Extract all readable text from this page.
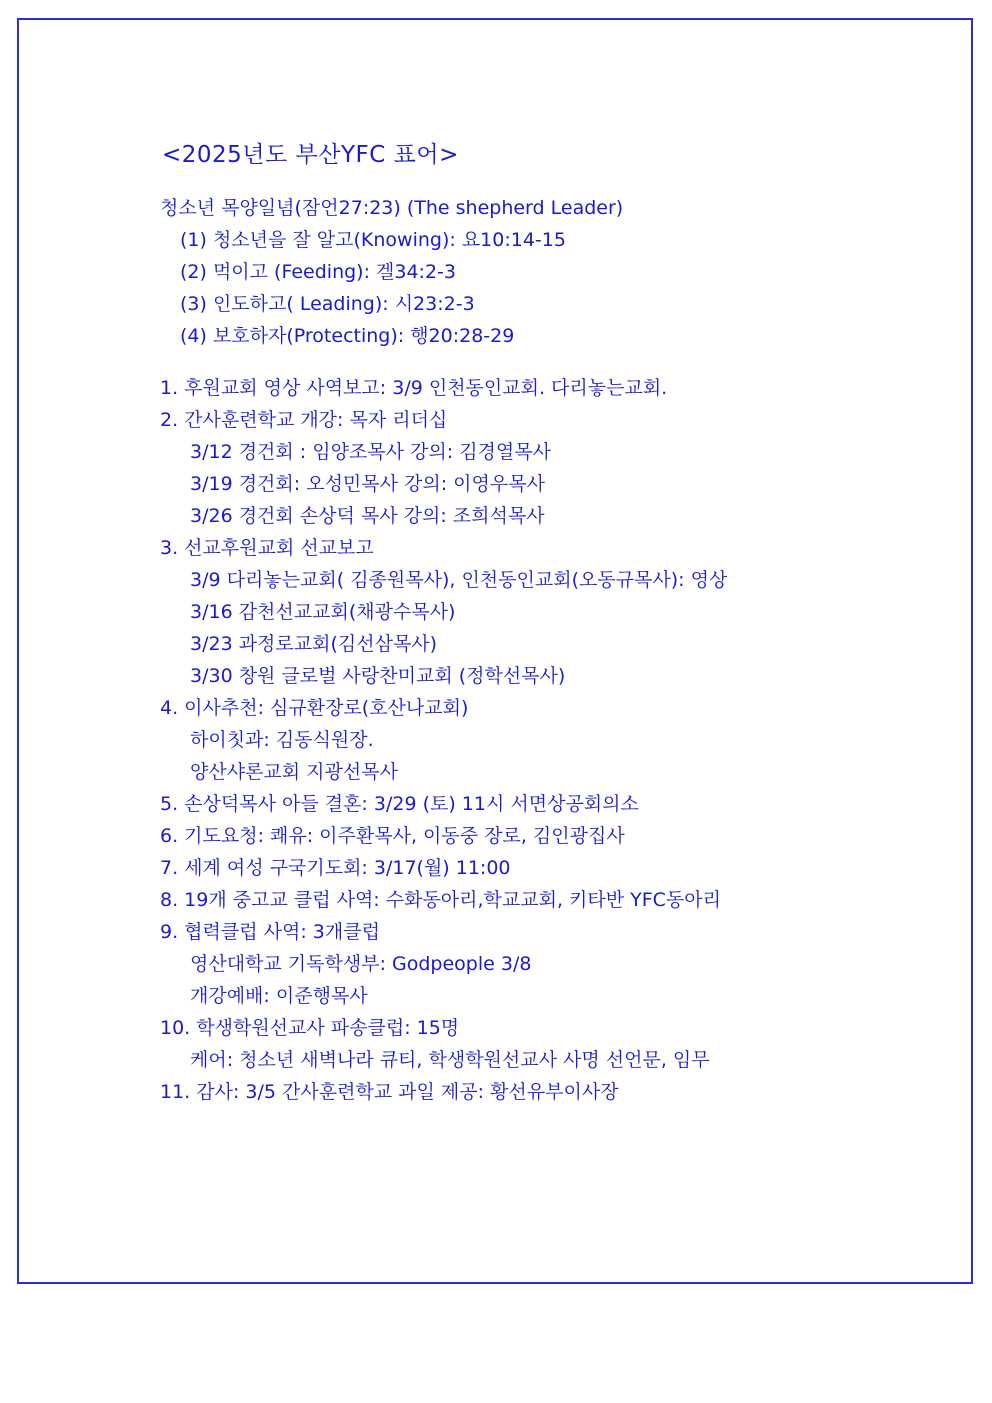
<2025년도 부산YFC 표어>
청소년 목양일념(잠언27:23) (The shepherd Leader)
(1) 청소년을 잘 알고(Knowing): 요10:14-15
(2) 먹이고 (Feeding): 겔34:2-3
(3) 인도하고( Leading): 시23:2-3
(4) 보호하자(Protecting): 행20:28-29
1. 후원교회 영상 사역보고: 3/9 인천동인교회. 다리놓는교회.
2. 간사훈련학교 개강: 목자 리더십
3/12 경건회 : 임양조목사 강의: 김경열목사
3/19 경건회: 오성민목사 강의: 이영우목사
3/26 경건회 손상덕 목사 강의: 조희석목사
3. 선교후원교회 선교보고
3/9 다리놓는교회( 김종원목사), 인천동인교회(오동규목사): 영상
3/16 감천선교교회(채광수목사)
3/23 과정로교회(김선삼목사)
3/30 창원 글로벌 사랑찬미교회 (정학선목사)
4. 이사추천: 심규환장로(호산나교회)
하이칫과: 김동식원장.
양산샤론교회 지광선목사
5. 손상덕목사 아들 결혼: 3/29 (토) 11시 서면상공회의소
6. 기도요청: 쾌유: 이주환목사, 이동중 장로, 김인광집사
7. 세계 여성 구국기도회: 3/17(월) 11:00
8. 19개 중고교 클럽 사역: 수화동아리,학교교회, 키타반 YFC동아리
9. 협력클럽 사역: 3개클럽
영산대학교 기독학생부: Godpeople 3/8
개강예배: 이준행목사
10. 학생학원선교사 파송클럽: 15명
케어: 청소년 새벽나라 큐티, 학생학원선교사 사명 선언문, 임무
11. 감사: 3/5 간사훈련학교 과일 제공: 황선유부이사장
